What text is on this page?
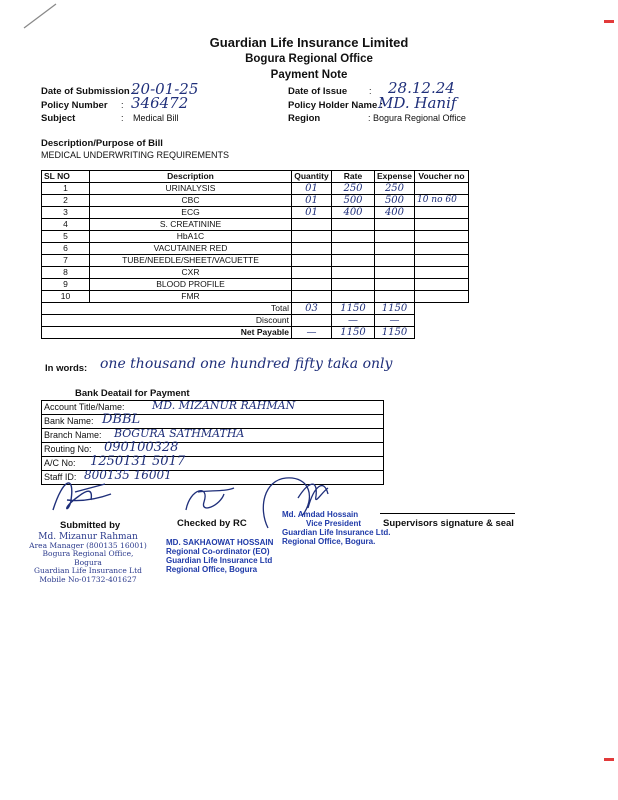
Guardian Life Insurance Limited
Bogura Regional Office
Payment Note
Date of Submission :
20-01-25
Policy Number : 346472
Subject	: Medical Bill
Date of Issue : 28.12.24
Policy Holder Name :
MD. Hanif
Region	: Bogura Regional Office
Description/Purpose of Bill
MEDICAL UNDERWRITING REQUIREMENTS
SL NO	Description	Quantity	Rate	Expense	Voucher no
1	URINALYSIS	01	250	250	
2	CBC	01	500	500	10 no 60
3	ECG	01	400	400	
4	S. CREATININE				
5	HbA1C				
6	VACUTAINER RED				
7	TUBE/NEEDLE/SHEET/VACUETTE				
8	CXR				
9	BLOOD PROFILE				
10	FMR				
Total		03	1150	1150	
Discount			—	—	
Net Payable		—	1150	1150	
In words: one thousand one hundred fifty taka only
Bank Deatail for Payment
Account Title/Name: MD. MIZANUR RAHMAN
Bank Name: DBBL
Branch Name: BOGURA SATHMATHA
Routing No: 090100328
A/C No: 1250131 5017
Staff ID: 800135 16001
Submitted by	Checked by RC	Supervisors signature & seal
Md. Mizanur Rahman
Area Manager (800135 16001)
Bogura Regional Office, Bogura
Guardian Life Insurance Ltd
Mobile No-01732-401627
Md. Amdad Hossain
Vice President
Guardian Life Insurance Ltd.
Regional Office, Bogura.
MD. SAKHAOWAT HOSSAIN
Regional Co-ordinator (EO)
Guardian Life Insurance Ltd
Regional Office, Bogura
